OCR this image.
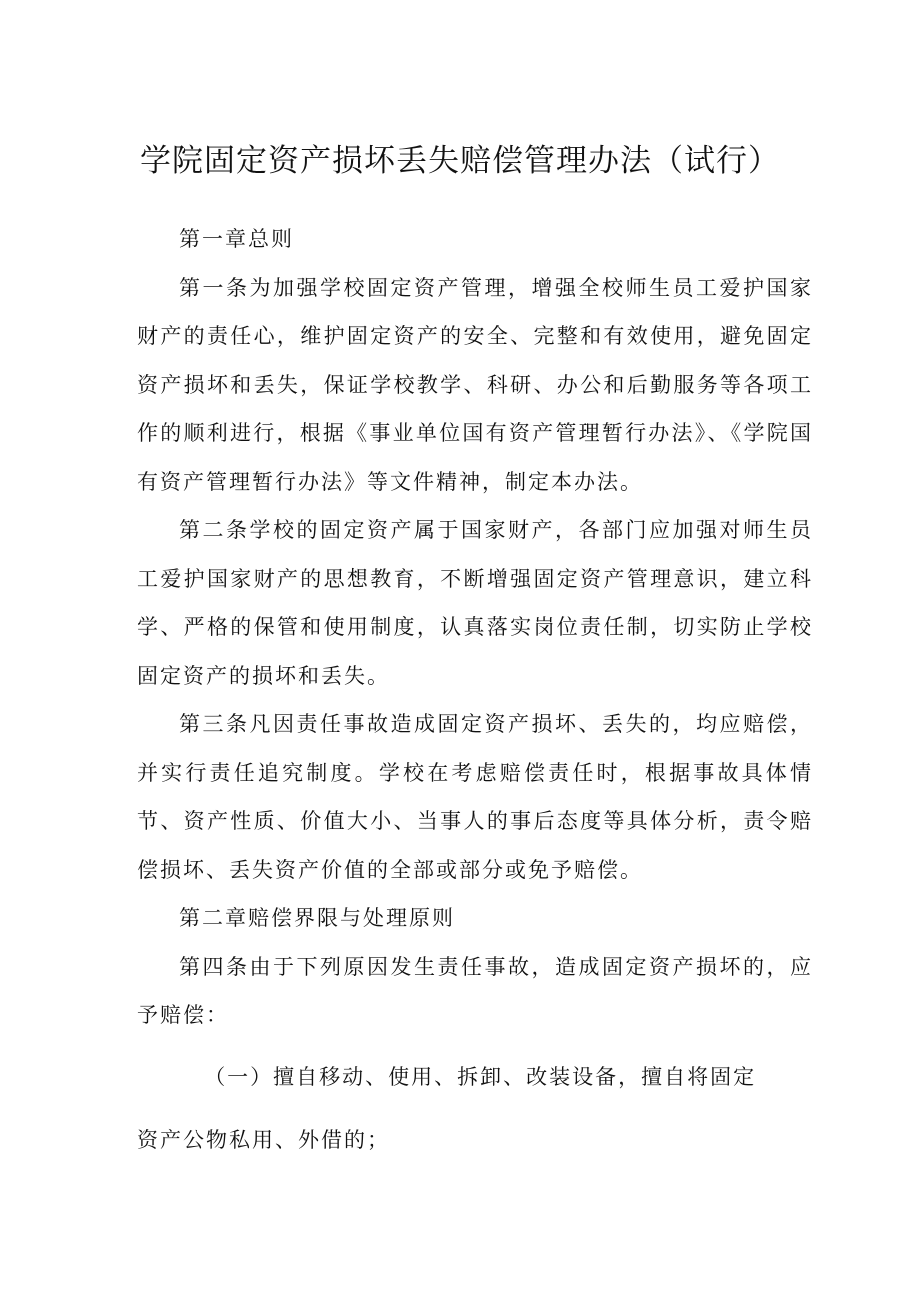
学院固定资产损坏丢失赔偿管理办法（试行）

第一章总则

第一条为加强学校固定资产管理，增强全校师生员工爱护国家财产的责任心，维护固定资产的安全、完整和有效使用，避免固定资产损坏和丢失，保证学校教学、科研、办公和后勤服务等各项工作的顺利进行，根据《事业单位国有资产管理暂行办法》、《学院国有资产管理暂行办法》等文件精神，制定本办法。

第二条学校的固定资产属于国家财产，各部门应加强对师生员工爱护国家财产的思想教育，不断增强固定资产管理意识，建立科学、严格的保管和使用制度，认真落实岗位责任制，切实防止学校固定资产的损坏和丢失。

第三条凡因责任事故造成固定资产损坏、丢失的，均应赔偿，并实行责任追究制度。学校在考虑赔偿责任时，根据事故具体情节、资产性质、价值大小、当事人的事后态度等具体分析，责令赔偿损坏、丢失资产价值的全部或部分或免予赔偿。

第二章赔偿界限与处理原则

第四条由于下列原因发生责任事故，造成固定资产损坏的，应予赔偿：

（一）擅自移动、使用、拆卸、改装设备，擅自将固定

资产公物私用、外借的；
